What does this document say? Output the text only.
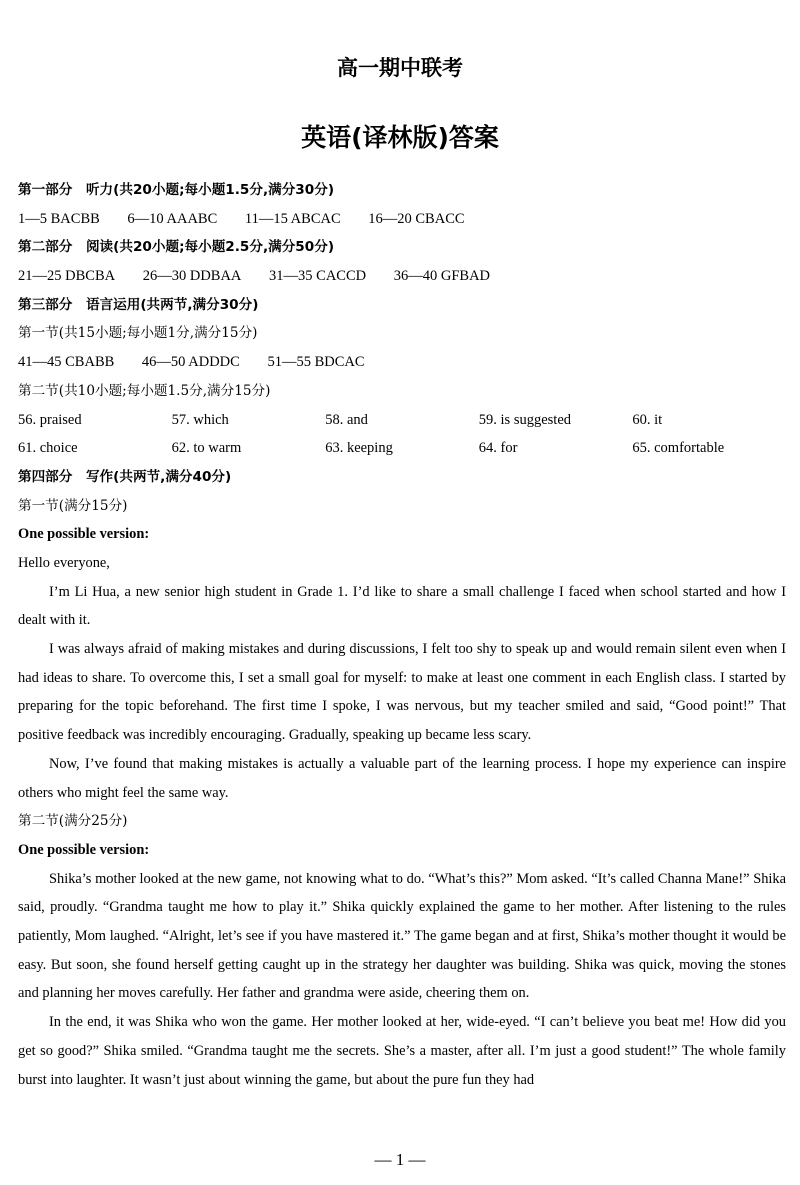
高一期中联考
英语(译林版)答案
第一部分　听力(共20小题;每小题1.5分,满分30分)
1—5 BACBB 6—10 AAABC 11—15 ABCAC 16—20 CBACC
第二部分　阅读(共20小题;每小题2.5分,满分50分)
21—25 DBCBA 26—30 DDBAA 31—35 CACCD 36—40 GFBAD
第三部分　语言运用(共两节,满分30分)
第一节(共15小题;每小题1分,满分15分)
41—45 CBABB 46—50 ADDDC 51—55 BDCAC
第二节(共10小题;每小题1.5分,满分15分)
56. praised	57. which	58. and	59. is suggested	60. it
61. choice	62. to warm	63. keeping	64. for	65. comfortable
第四部分　写作(共两节,满分40分)
第一节(满分15分)
One possible version:

Hello everyone,

I’m Li Hua, a new senior high student in Grade 1. I’d like to share a small challenge I faced when school started and how I dealt with it.

I was always afraid of making mistakes and during discussions, I felt too shy to speak up and would remain silent even when I had ideas to share. To overcome this, I set a small goal for myself: to make at least one comment in each English class. I started by preparing for the topic beforehand. The first time I spoke, I was nervous, but my teacher smiled and said, “Good point!” That positive feedback was incredibly encouraging. Gradually, speaking up became less scary.

Now, I’ve found that making mistakes is actually a valuable part of the learning process. I hope my experience can inspire others who might feel the same way.

第二节(满分25分)
One possible version:

Shika’s mother looked at the new game, not knowing what to do. “What’s this?” Mom asked. “It’s called Channa Mane!” Shika said, proudly. “Grandma taught me how to play it.” Shika quickly explained the game to her mother. After listening to the rules patiently, Mom laughed. “Alright, let’s see if you have mastered it.” The game began and at first, Shika’s mother thought it would be easy. But soon, she found herself getting caught up in the strategy her daughter was building. Shika was quick, moving the stones and planning her moves carefully. Her father and grandma were aside, cheering them on.

In the end, it was Shika who won the game. Her mother looked at her, wide-eyed. “I can’t believe you beat me! How did you get so good?” Shika smiled. “Grandma taught me the secrets. She’s a master, after all. I’m just a good student!” The whole family burst into laughter. It wasn’t just about winning the game, but about the pure fun they had

— 1 —
